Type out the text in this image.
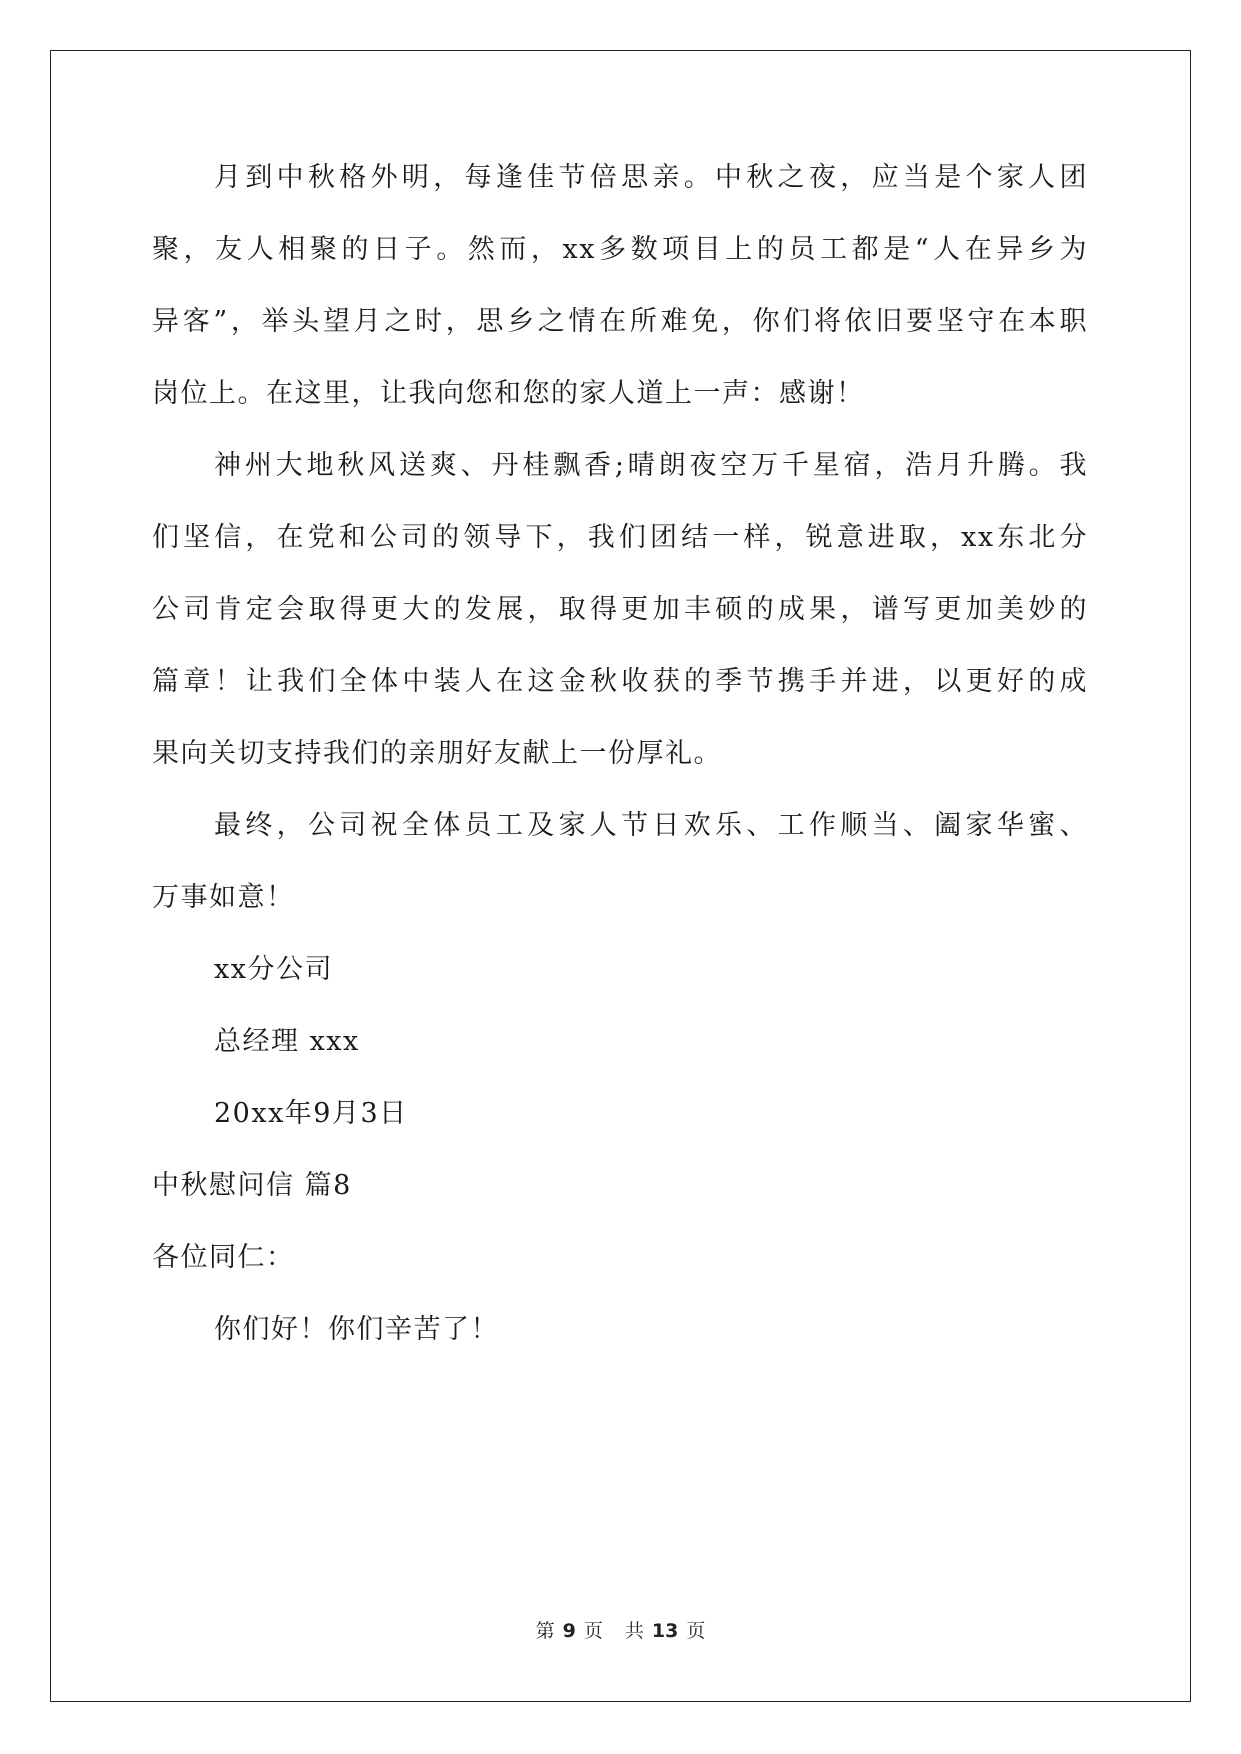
月到中秋格外明，每逢佳节倍思亲。中秋之夜，应当是个家人团
聚，友人相聚的日子。然而，xx多数项目上的员工都是“人在异乡为
异客”，举头望月之时，思乡之情在所难免，你们将依旧要坚守在本职
岗位上。在这里，让我向您和您的家人道上一声：感谢！
神州大地秋风送爽、丹桂飘香;晴朗夜空万千星宿，浩月升腾。我
们坚信，在党和公司的领导下，我们团结一样，锐意进取，xx东北分
公司肯定会取得更大的发展，取得更加丰硕的成果，谱写更加美妙的
篇章！让我们全体中装人在这金秋收获的季节携手并进，以更好的成
果向关切支持我们的亲朋好友献上一份厚礼。
最终，公司祝全体员工及家人节日欢乐、工作顺当、阖家华蜜、
万事如意！
xx分公司
总经理 xxx
20xx年9月3日
中秋慰问信 篇8
各位同仁：
你们好！你们辛苦了！
第 9 页 共 13 页
